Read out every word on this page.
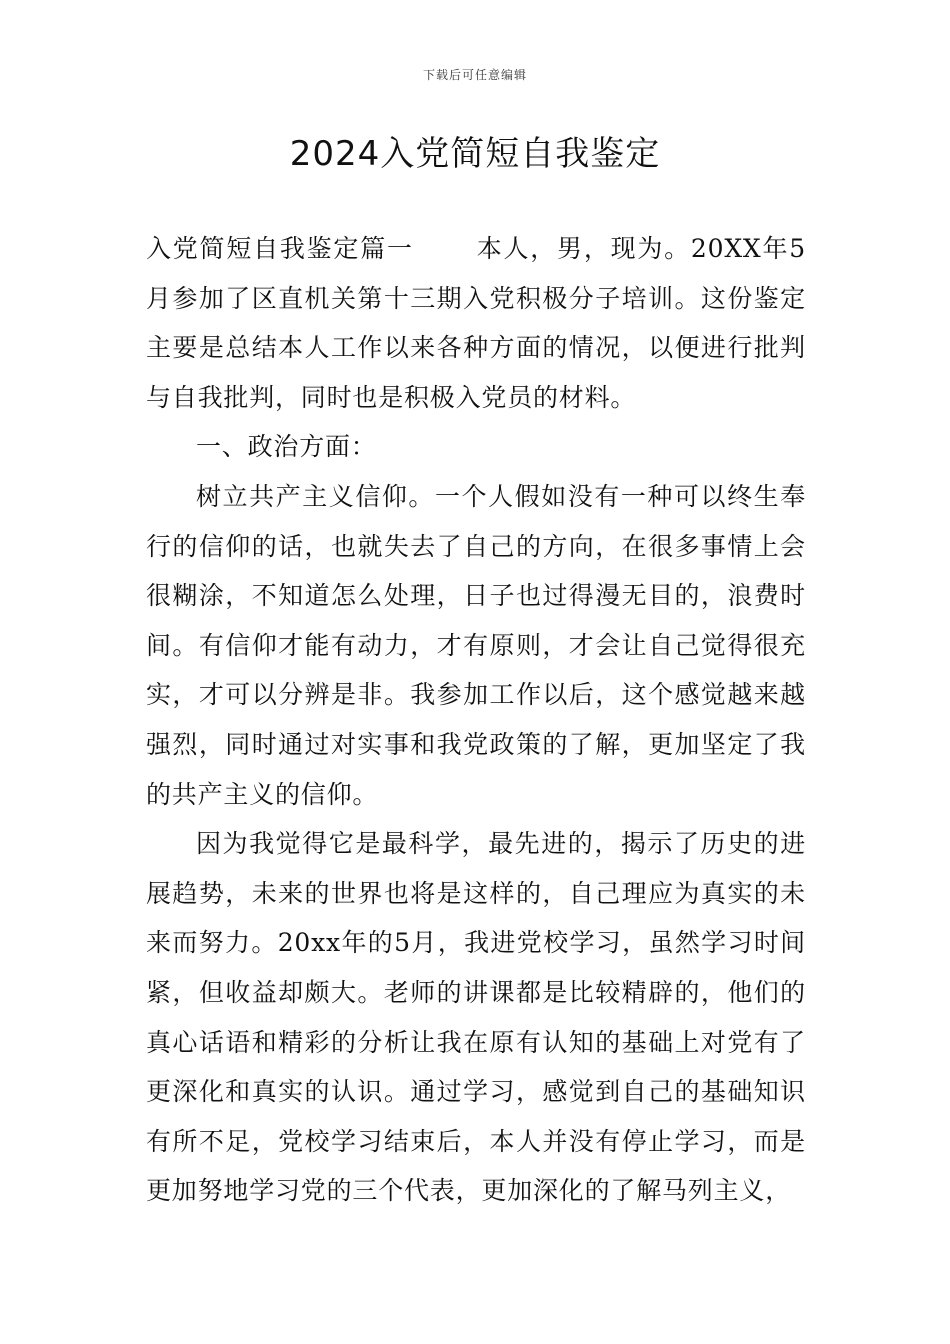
下载后可任意编辑
2024入党简短自我鉴定

入党简短自我鉴定篇一 本人，男，现为。20XX年5月参加了区直机关第十三期入党积极分子培训。这份鉴定主要是总结本人工作以来各种方面的情况，以便进行批判与自我批判，同时也是积极入党员的材料。

一、政治方面：

树立共产主义信仰。一个人假如没有一种可以终生奉行的信仰的话，也就失去了自己的方向，在很多事情上会很糊涂，不知道怎么处理，日子也过得漫无目的，浪费时间。有信仰才能有动力，才有原则，才会让自己觉得很充实，才可以分辨是非。我参加工作以后，这个感觉越来越强烈，同时通过对实事和我党政策的了解，更加坚定了我的共产主义的信仰。

因为我觉得它是最科学，最先进的，揭示了历史的进展趋势，未来的世界也将是这样的，自己理应为真实的未来而努力。20xx年的5月，我进党校学习，虽然学习时间紧，但收益却颇大。老师的讲课都是比较精辟的，他们的真心话语和精彩的分析让我在原有认知的基础上对党有了更深化和真实的认识。通过学习，感觉到自己的基础知识有所不足，党校学习结束后，本人并没有停止学习，而是更加努地学习党的三个代表，更加深化的了解马列主义，
